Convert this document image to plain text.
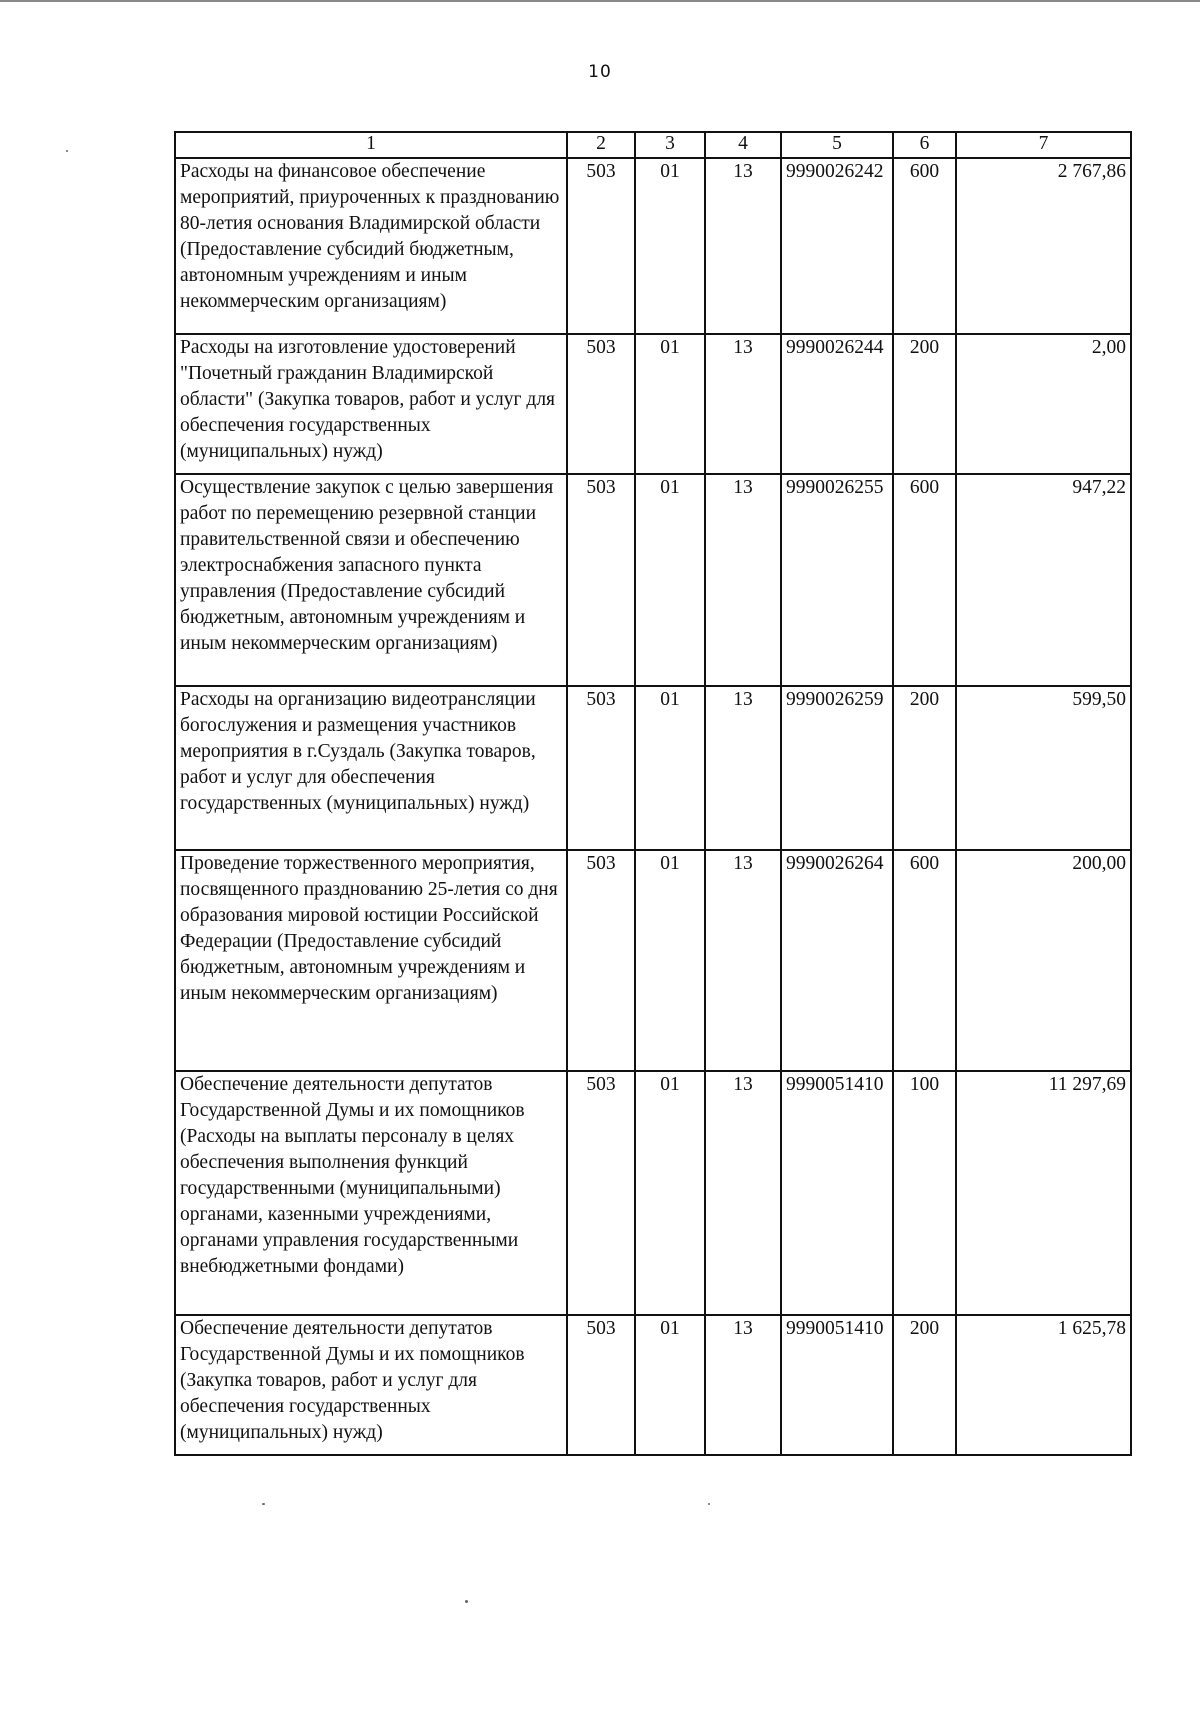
10
1	2	3	4	5	6	7
Расходы на финансовое обеспечение мероприятий, приуроченных к празднованию 80-летия основания Владимирской области (Предоставление субсидий бюджетным, автономным учреждениям и иным некоммерческим организациям)	503	01	13	9990026242	600	2 767,86
Расходы на изготовление удостоверений "Почетный гражданин Владимирской области" (Закупка товаров, работ и услуг для обеспечения государственных (муниципальных) нужд)	503	01	13	9990026244	200	2,00
Осуществление закупок с целью завершения работ по перемещению резервной станции правительственной связи и обеспечению электроснабжения запасного пункта управления (Предоставление субсидий бюджетным, автономным учреждениям и иным некоммерческим организациям)	503	01	13	9990026255	600	947,22
Расходы на организацию видеотрансляции богослужения и размещения участников мероприятия в г.Суздаль (Закупка товаров, работ и услуг для обеспечения государственных (муниципальных) нужд)	503	01	13	9990026259	200	599,50
Проведение торжественного мероприятия, посвященного празднованию 25-летия со дня образования мировой юстиции Российской Федерации (Предоставление субсидий бюджетным, автономным учреждениям и иным некоммерческим организациям)	503	01	13	9990026264	600	200,00
Обеспечение деятельности депутатов Государственной Думы и их помощников (Расходы на выплаты персоналу в целях обеспечения выполнения функций государственными (муниципальными) органами, казенными учреждениями, органами управления государственными внебюджетными фондами)	503	01	13	9990051410	100	11 297,69
Обеспечение деятельности депутатов Государственной Думы и их помощников (Закупка товаров, работ и услуг для обеспечения государственных (муниципальных) нужд)	503	01	13	9990051410	200	1 625,78
